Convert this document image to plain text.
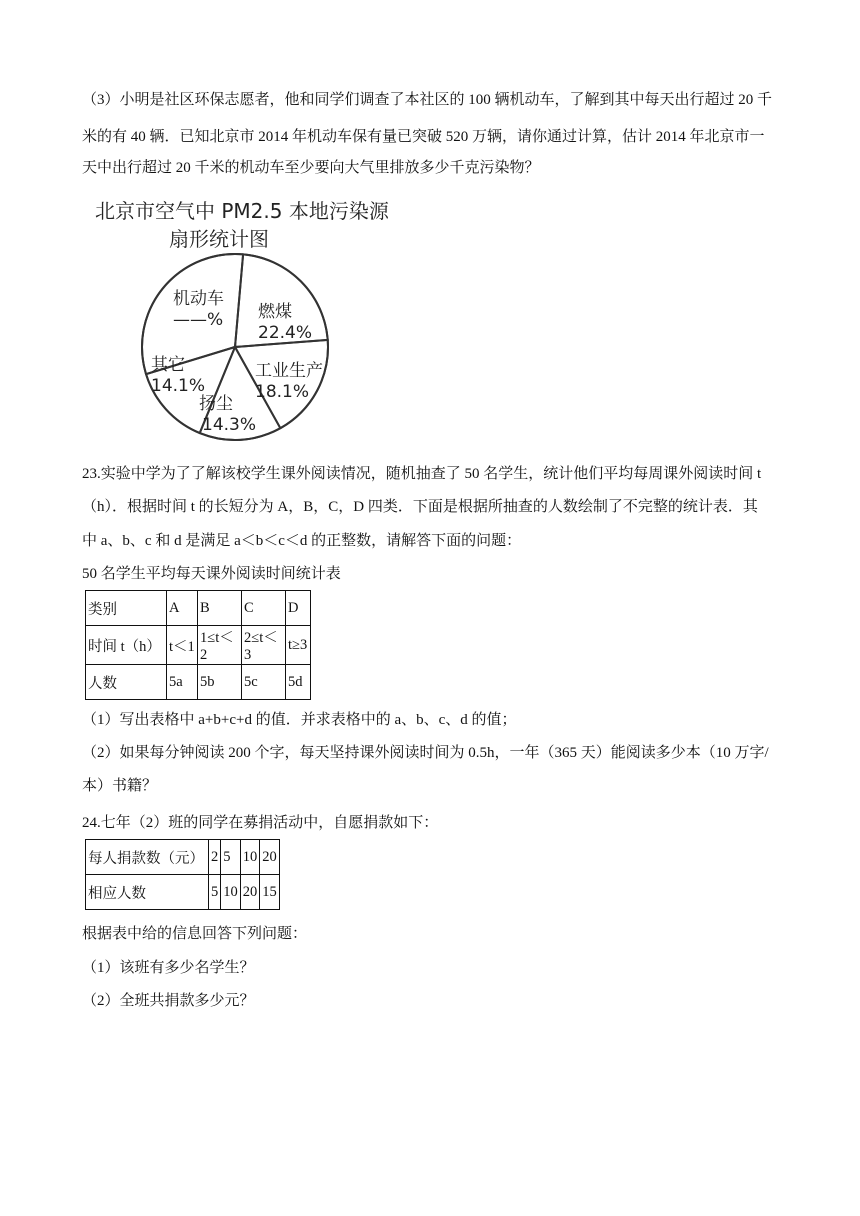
（3）小明是社区环保志愿者，他和同学们调查了本社区的 100 辆机动车，了解到其中每天出行超过 20 千
米的有 40 辆．已知北京市 2014 年机动车保有量已突破 520 万辆，请你通过计算，估计 2014 年北京市一
天中出行超过 20 千米的机动车至少要向大气里排放多少千克污染物？
北京市空气中 PM2.5 本地污染源
扇形统计图
机动车
——% 燃煤
22.4%
工业生产
18.1%
扬尘
14.3%
其它
14.1%
23.实验中学为了了解该校学生课外阅读情况，随机抽查了 50 名学生，统计他们平均每周课外阅读时间 t
（h）．根据时间 t 的长短分为 A，B，C，D 四类．下面是根据所抽查的人数绘制了不完整的统计表．其
中 a、b、c 和 d 是满足 a＜b＜c＜d 的正整数，请解答下面的问题：
50 名学生平均每天课外阅读时间统计表
类别	A	B	C	D
时间 t（h）	t＜1	1≤t＜2	2≤t＜3	t≥3
人数	5a	5b	5c	5d
（1）写出表格中 a+b+c+d 的值．并求表格中的 a、b、c、d 的值；
（2）如果每分钟阅读 200 个字，每天坚持课外阅读时间为 0.5h，一年（365 天）能阅读多少本（10 万字/
本）书籍？
24.七年（2）班的同学在募捐活动中，自愿捐款如下：
每人捐款数（元）	2	5	10	20
相应人数	5	10	20	15
根据表中给的信息回答下列问题：
（1）该班有多少名学生？
（2）全班共捐款多少元？
